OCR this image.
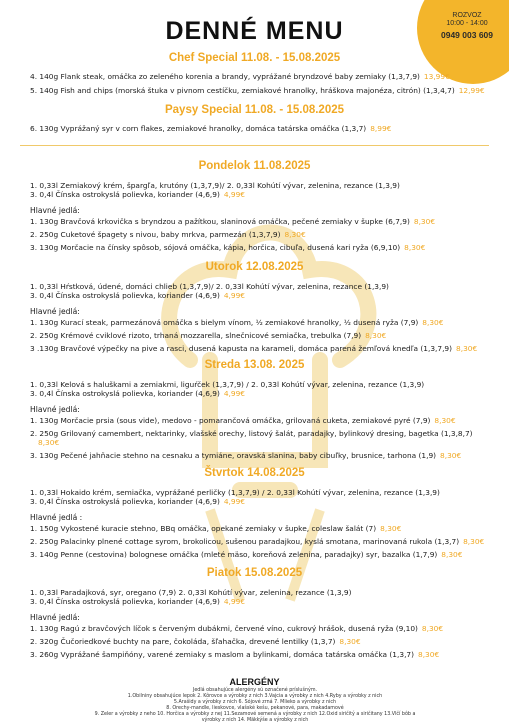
ROZVOZ
10:00 - 14:00
0949 003 609
DENNÉ MENU
Chef Special 11.08. - 15.08.2025
4. 140g Flank steak, omáčka zo zeleného korenia a brandy, vyprážané bryndzové baby zemiaky (1,3,7,9) 13,99€
5. 140g Fish and chips (morská štuka v pivnom cestíčku, zemiakové hranolky, hráškova majonéza, citrón) (1,3,4,7) 12,99€
Paysy Special 11.08. - 15.08.2025
6. 130g Vyprážaný syr v corn flakes, zemiakové hranolky, domáca tatárska omáčka (1,3,7) 8,99€
Pondelok 11.08.2025
1. 0,33l Zemiakový krém, špargľa, krutóny (1,3,7,9)/ 2. 0,33l Kohútí vývar, zelenina, rezance (1,3,9)
3. 0,4l Čínska ostrokyslá polievka, koriander (4,6,9) 4,99€
Hlavné jedlá:
1. 130g Bravčová krkovička s bryndzou a pažítkou, slaninová omáčka, pečené zemiaky v šupke (6,7,9) 8,30€
2. 250g Cuketové špagety s nivou, baby mrkva, parmezán (1,3,7,9) 8,30€
3. 130g Morčacie na čínsky spôsob, sójová omáčka, kápia, horčica, cibuľa, dusená kari ryža (6,9,10) 8,30€
Utorok 12.08.2025
1. 0,33l Hŕstková, údené, domáci chlieb (1,3,7,9)/ 2. 0,33l Kohútí vývar, zelenina, rezance (1,3,9)
3. 0,4l Čínska ostrokyslá polievka, koriander (4,6,9) 4,99€
Hlavné jedlá:
1. 130g Kurací steak, parmezánová omáčka s bielym vínom, ½ zemiakové hranolky, ½ dusená ryža (7,9) 8,30€
2. 250g Krémové cviklové rizoto, trhaná mozzarella, slnečnicové semiačka, trebulka (7,9) 8,30€
3 .130g Bravčové výpečky na pive a rasci, dusená kapusta na karameli, domáca parená žemľová knedľa (1,3,7,9) 8,30€
Streda 13.08. 2025
1. 0,33l Kelová s haluškami a zemiakmi, liguŕček (1,3,7,9) / 2. 0,33l Kohútí vývar, zelenina, rezance (1,3,9)
3. 0,4l Čínska ostrokyslá polievka, koriander (4,6,9) 4,99€
Hlavné jedlá:
1. 130g Morčacie prsia (sous vide), medovo - pomarančová omáčka, grilovaná cuketa, zemiakové pyré (7,9) 8,30€
2. 250g Grilovaný camembert, nektarinky, vlašské orechy, listový šalát, paradajky, bylinkový dresing, bagetka (1,3,8,7)
8,30€
3. 130g Pečené jahňacie stehno na cesnaku a tymiáne, oravská slanina, baby cibuľky, brusnice, tarhona (1,9) 8,30€
Štvrtok 14.08.2025
1. 0,33l Hokaido krém, semiačka, vyprážané perličky (1,3,7,9) / 2. 0,33l Kohútí vývar, zelenina, rezance (1,3,9)
3. 0,4l Čínska ostrokyslá polievka, koriander (4,6,9) 4,99€
Hlavné jedlá :
1. 150g Vykostené kuracie stehno, BBq omáčka, opekané zemiaky v šupke, coleslaw šalát (7) 8,30€
2. 250g Palacinky plnené cottage syrom, brokolicou, sušenou paradajkou, kyslá smotana, marinovaná rukola (1,3,7) 8,30€
3. 140g Penne (cestovina) bolognese omáčka (mleté mäso, koreňová zelenina, paradajky) syr, bazalka (1,7,9) 8,30€
Piatok 15.08.2025
1. 0,33l Paradajková, syr, oregano (7,9) 2. 0,33l Kohútí vývar, zelenina, rezance (1,3,9)
3. 0,4l Čínska ostrokyslá polievka, koriander (4,6,9) 4,99€
Hlavné jedlá:
1. 130g Ragú z bravčových líčok s červeným dubákmi, červené víno, cukrový hrášok, dusená ryža (9,10) 8,30€
2. 320g Čučoriedkové buchty na pare, čokoláda, šľahačka, drevené lentilky (1,3,7) 8,30€
3. 260g Vyprážané šampiňóny, varené zemiaky s maslom a bylinkami, domáca tatárska omáčka (1,3,7) 8,30€
ALERGÉNY
Jedlá obsahujúce alergény sú označené príslušným.
1.Obilniny obsahujúce lepok 2. Kôrovce a výrobky z nich 3.Vajcia a výrobky z nich 4.Ryby a výrobky z nich
5.Arašidy a výrobky z nich 6. Sójové zrná 7. Mlieko a výrobky z nich
8. Orechy-mandle, lieskovce, vlašské kešu, pekanové, para, makadamové
9. Zeler a výrobky z neho 10. Horčica a výrobky z nej 11.Sezamové semená a výrobky z nich 12.Oxid siričitý a siričitany 13.Vlčí bôb a
výrobky z nich 14. Mäkkýše a výrobky z nich
